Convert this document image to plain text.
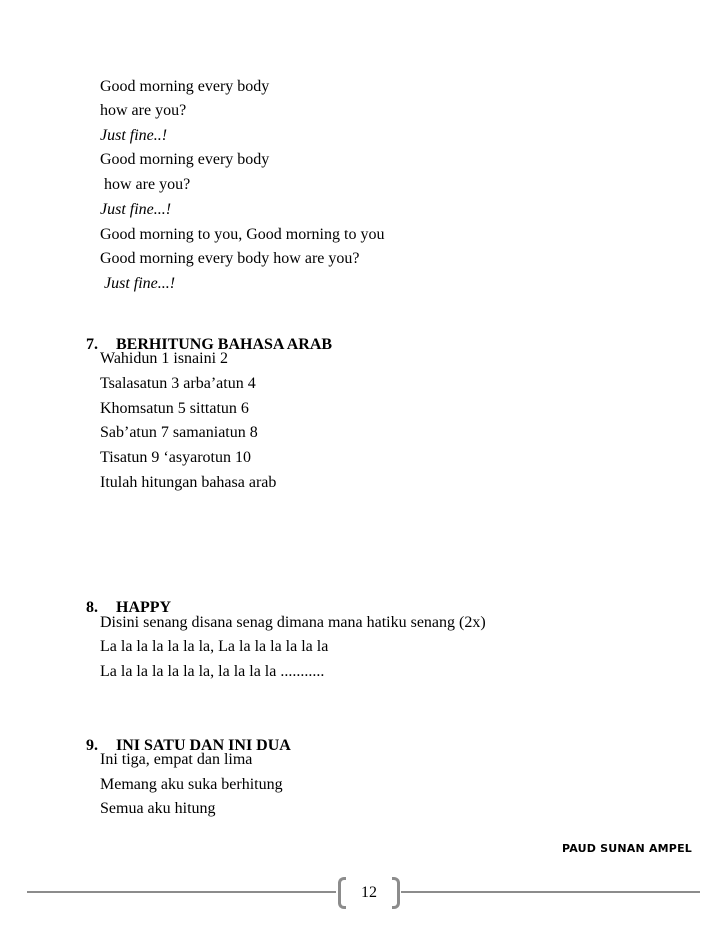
Good morning every body
how are you?
Just fine..!
Good morning every body
how are you?
Just fine...!
Good morning to you, Good morning to you
Good morning every body how are you?
Just fine...!

7. BERHITUNG BAHASA ARAB

Wahidun 1 isnaini 2
Tsalasatun 3 arba’atun 4
Khomsatun 5 sittatun 6
Sab’atun 7 samaniatun 8
Tisatun 9 ‘asyarotun 10
Itulah hitungan bahasa arab

8. HAPPY

Disini senang disana senag dimana mana hatiku senang (2x)
La la la la la la la, La la la la la la la
La la la la la la la, la la la la ...........

9. INI SATU DAN INI DUA

Ini tiga, empat dan lima
Memang aku suka berhitung
Semua aku hitung
PAUD SUNAN AMPEL
12
